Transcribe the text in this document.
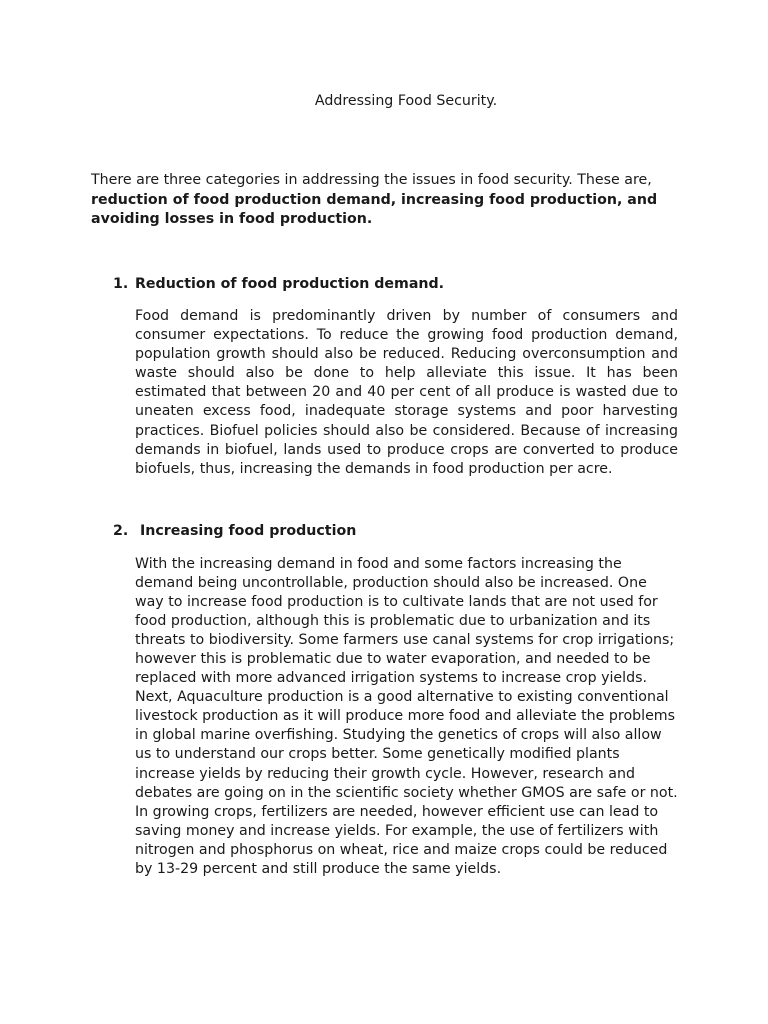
Addressing Food Security.
There are three categories in addressing the issues in food security. These are, reduction of food production demand, increasing food production, and avoiding losses in food production.
1. Reduction of food production demand.
Food demand is predominantly driven by number of consumers and consumer expectations. To reduce the growing food production demand, population growth should also be reduced. Reducing overconsumption and waste should also be done to help alleviate this issue. It has been estimated that between 20 and 40 per cent of all produce is wasted due to uneaten excess food, inadequate storage systems and poor harvesting practices. Biofuel policies should also be considered. Because of increasing demands in biofuel, lands used to produce crops are converted to produce biofuels, thus, increasing the demands in food production per acre.
2. Increasing food production
With the increasing demand in food and some factors increasing the demand being uncontrollable, production should also be increased. One way to increase food production is to cultivate lands that are not used for food production, although this is problematic due to urbanization and its threats to biodiversity. Some farmers use canal systems for crop irrigations; however this is problematic due to water evaporation, and needed to be replaced with more advanced irrigation systems to increase crop yields. Next, Aquaculture production is a good alternative to existing conventional livestock production as it will produce more food and alleviate the problems in global marine overfishing. Studying the genetics of crops will also allow us to understand our crops better. Some genetically modified plants increase yields by reducing their growth cycle. However, research and debates are going on in the scientific society whether GMOS are safe or not. In growing crops, fertilizers are needed, however efficient use can lead to saving money and increase yields. For example, the use of fertilizers with nitrogen and phosphorus on wheat, rice and maize crops could be reduced by 13-29 percent and still produce the same yields.
